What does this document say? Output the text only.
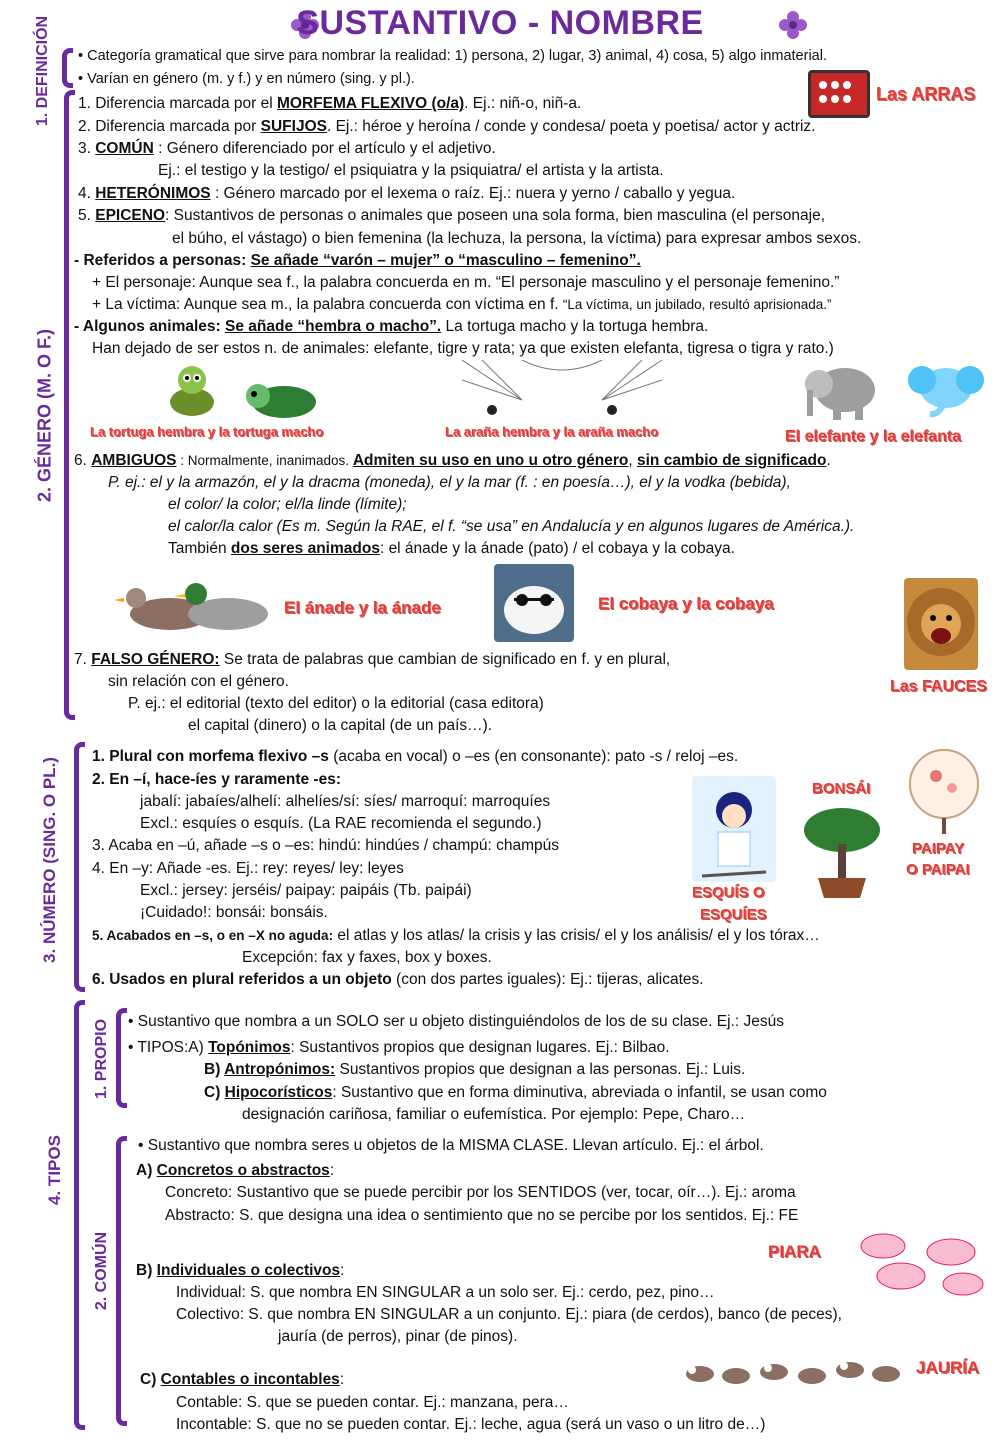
SUSTANTIVO - NOMBRE
1. DEFINICIÓN
2. GÉNERO (M. O F.)
3. NÚMERO (SING. O PL.)
4. TIPOS
1. PROPIO
2. COMÚN
• Categoría gramatical que sirve para nombrar la realidad: 1) persona, 2) lugar, 3) animal, 4) cosa, 5) algo inmaterial.
• Varían en género (m. y f.) y en número (sing. y pl.).
Las ARRAS
1. Diferencia marcada por el MORFEMA FLEXIVO (o/a). Ej.: niñ-o, niñ-a.
2. Diferencia marcada por SUFIJOS. Ej.: héroe y heroína / conde y condesa/ poeta y poetisa/ actor y actriz.
3. COMÚN : Género diferenciado por el artículo y el adjetivo.
Ej.: el testigo y la testigo/ el psiquiatra y la psiquiatra/ el artista y la artista.
4. HETERÓNIMOS : Género marcado por el lexema o raíz. Ej.: nuera y yerno / caballo y yegua.
5. EPICENO: Sustantivos de personas o animales que poseen una sola forma, bien masculina (el personaje,
el búho, el vástago) o bien femenina (la lechuza, la persona, la víctima) para expresar ambos sexos.
- Referidos a personas: Se añade “varón – mujer” o “masculino – femenino”.
+ El personaje: Aunque sea f., la palabra concuerda en m. “El personaje masculino y el personaje femenino.”
+ La víctima: Aunque sea m., la palabra concuerda con víctima en f. “La víctima, un jubilado, resultó aprisionada.”
- Algunos animales: Se añade “hembra o macho”. La tortuga macho y la tortuga hembra.
Han dejado de ser estos n. de animales: elefante, tigre y rata; ya que existen elefanta, tigresa o tigra y rato.)
La tortuga hembra y la tortuga macho	La araña hembra y la araña macho	El elefante y la elefanta
6. AMBIGUOS : Normalmente, inanimados. Admiten su uso en uno u otro género, sin cambio de significado.
P. ej.: el y la armazón, el y la dracma (moneda), el y la mar (f. : en poesía…), el y la vodka (bebida),
el color/ la color; el/la linde (límite);
el calor/la calor (Es m. Según la RAE, el f. “se usa” en Andalucía y en algunos lugares de América.).
También dos seres animados: el ánade y la ánade (pato) / el cobaya y la cobaya.
El ánade y la ánade	El cobaya y la cobaya
Las FAUCES
7. FALSO GÉNERO: Se trata de palabras que cambian de significado en f. y en plural,
sin relación con el género.
P. ej.: el editorial (texto del editor) o la editorial (casa editora)
el capital (dinero) o la capital (de un país…).
1. Plural con morfema flexivo –s (acaba en vocal) o –es (en consonante): pato -s / reloj –es.
2. En –í, hace-íes y raramente -es:
jabalí: jabaíes/alhelí: alhelíes/sí: síes/ marroquí: marroquíes
Excl.: esquíes o esquís. (La RAE recomienda el segundo.)
3. Acaba en –ú, añade –s o –es: hindú: hindúes / champú: champús
4. En –y: Añade -es. Ej.: rey: reyes/ ley: leyes
Excl.: jersey: jerséis/ paipay: paipáis (Tb. paipái)
¡Cuidado!: bonsái: bonsáis.
5. Acabados en –s, o en –X no aguda: el atlas y los atlas/ la crisis y las crisis/ el y los análisis/ el y los tórax…
Excepción: fax y faxes, box y boxes.
6. Usados en plural referidos a un objeto (con dos partes iguales): Ej.: tijeras, alicates.
ESQUÍS O
ESQUÍES
BONSÁI
PAIPAY
O PAIPAI
• Sustantivo que nombra a un SOLO ser u objeto distinguiéndolos de los de su clase. Ej.: Jesús
• TIPOS:A) Topónimos: Sustantivos propios que designan lugares. Ej.: Bilbao.
B) Antropónimos: Sustantivos propios que designan a las personas. Ej.: Luis.
C) Hipocorísticos: Sustantivo que en forma diminutiva, abreviada o infantil, se usan como
designación cariñosa, familiar o eufemística. Por ejemplo: Pepe, Charo…
• Sustantivo que nombra seres u objetos de la MISMA CLASE. Llevan artículo. Ej.: el árbol.
A) Concretos o abstractos:
Concreto: Sustantivo que se puede percibir por los SENTIDOS (ver, tocar, oír…). Ej.: aroma
Abstracto: S. que designa una idea o sentimiento que no se percibe por los sentidos. Ej.: FE
PIARA
B) Individuales o colectivos:
Individual: S. que nombra EN SINGULAR a un solo ser. Ej.: cerdo, pez, pino…
Colectivo: S. que nombra EN SINGULAR a un conjunto. Ej.: piara (de cerdos), banco (de peces),
jauría (de perros), pinar (de pinos).
JAURÍA
C) Contables o incontables:
Contable: S. que se pueden contar. Ej.: manzana, pera…
Incontable: S. que no se pueden contar. Ej.: leche, agua (será un vaso o un litro de…)
